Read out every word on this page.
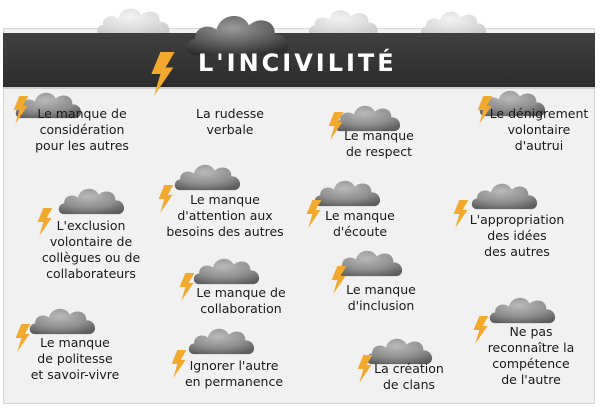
L'INCIVILITÉ
Le manque de
considération
pour les autres
La rudesse
verbale	Le manque
de respect
Le dénigrement
volontaire
d'autrui
L'exclusion
volontaire de
collègues ou de
collaborateurs
Le manque
d'attention aux
besoins des autres
Le manque
d'écoute
L'appropriation
des idées
des autres
Le manque de
collaboration
Le manque
d'inclusion
Le manque
de politesse
et savoir-vivre
Ignorer l'autre
en permanence
La création
de clans
Ne pas
reconnaître la
compétence
de l'autre
